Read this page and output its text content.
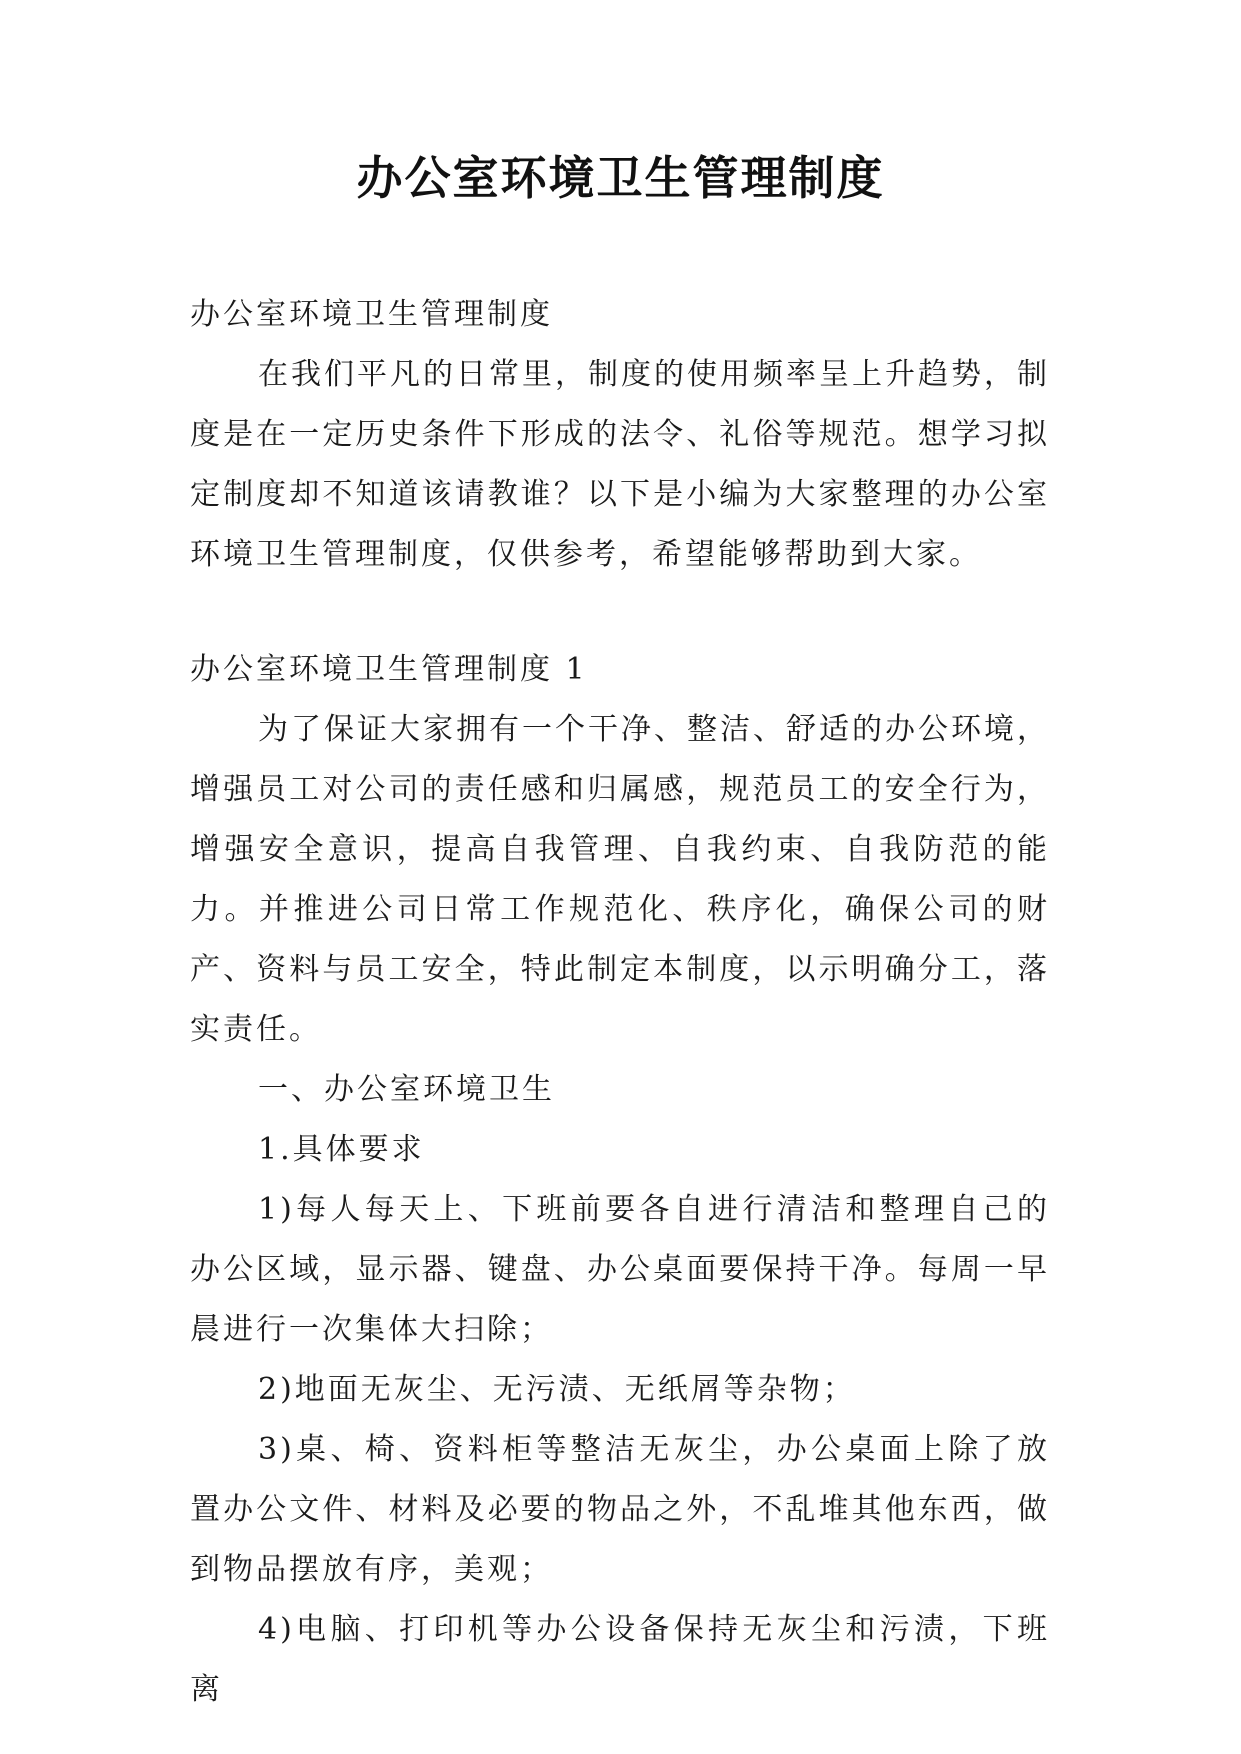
办公室环境卫生管理制度

办公室环境卫生管理制度

在我们平凡的日常里，制度的使用频率呈上升趋势，制度是在一定历史条件下形成的法令、礼俗等规范。想学习拟定制度却不知道该请教谁？以下是小编为大家整理的办公室环境卫生管理制度，仅供参考，希望能够帮助到大家。

办公室环境卫生管理制度 1

为了保证大家拥有一个干净、整洁、舒适的办公环境，增强员工对公司的责任感和归属感，规范员工的安全行为，增强安全意识，提高自我管理、自我约束、自我防范的能力。并推进公司日常工作规范化、秩序化，确保公司的财产、资料与员工安全，特此制定本制度，以示明确分工，落实责任。

一、办公室环境卫生

1.具体要求

1)每人每天上、下班前要各自进行清洁和整理自己的办公区域，显示器、键盘、办公桌面要保持干净。每周一早晨进行一次集体大扫除；

2)地面无灰尘、无污渍、无纸屑等杂物；

3)桌、椅、资料柜等整洁无灰尘，办公桌面上除了放置办公文件、材料及必要的物品之外，不乱堆其他东西，做到物品摆放有序，美观；

4)电脑、打印机等办公设备保持无灰尘和污渍，下班离
